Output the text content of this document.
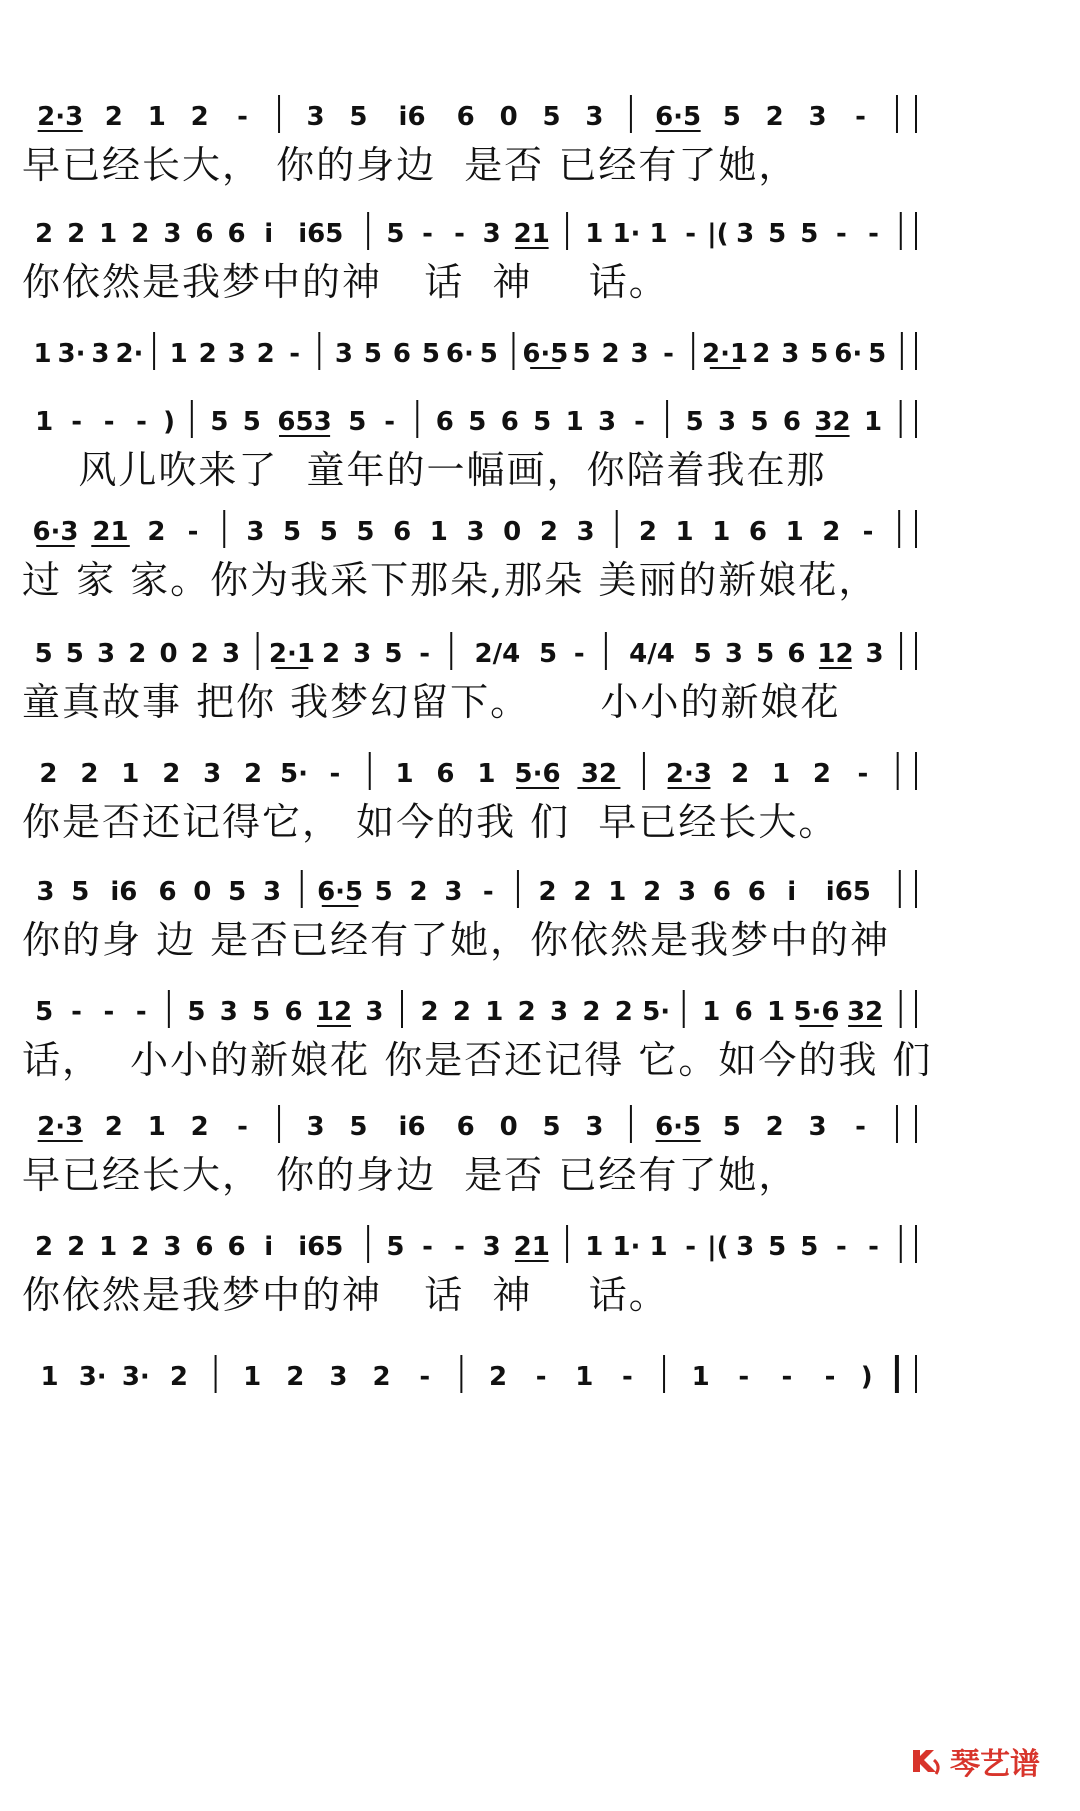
2·3 2 1 2 - 3 5 i6 6 0 5 3 6·5 5 2 3 -
2 2 1 2 3 6 6 i i65 5 - - 3 21 1 1· 1 - |( 3 5 5 - -
1 3· 3 2· 1 2 3 2 - 3 5 6 5 6· 5 6·5 5 2 3 - 2·1 2 3 5 6· 5
1 - - - ) 5 5 653 5 - 6 5 6 5 1 3 - 5 3 5 6 32 1
6·3 21 2 - 3 5 5 5 6 1 3 0 2 3 2 1 1 6 1 2 -
5 5 3 2 0 2 3 2·1 2 3 5 - 2/4 5 - 4/4 5 3 5 6 12 3
2 2 1 2 3 2 5· - 1 6 1 5·6 32 2·3 2 1 2 -
3 5 i6 6 0 5 3 6·5 5 2 3 - 2 2 1 2 3 6 6 i i65
5 - - - 5 3 5 6 12 3 2 2 1 2 3 2 2 5· 1 6 1 5·6 32
2·3 2 1 2 - 3 5 i6 6 0 5 3 6·5 5 2 3 -
2 2 1 2 3 6 6 i i65 5 - - 3 21 1 1· 1 - |( 3 5 5 - -
1 3· 3· 2 1 2 3 2 - 2 - 1 - 1 - - - )
早已经长大， 你的身边  是否 已经有了她，
你依然是我梦中的神   话  神    话。
风儿吹来了  童年的一幅画，你陪着我在那
过 家 家。你为我采下那朵,那朵 美丽的新娘花，
童真故事 把你 我梦幻留下。     小小的新娘花
你是否还记得它， 如今的我 们  早已经长大。
你的身 边 是否已经有了她，你依然是我梦中的神
话，  小小的新娘花 你是否还记得 它。如今的我 们
早已经长大， 你的身边  是否 已经有了她，
你依然是我梦中的神   话  神    话。
琴艺谱
